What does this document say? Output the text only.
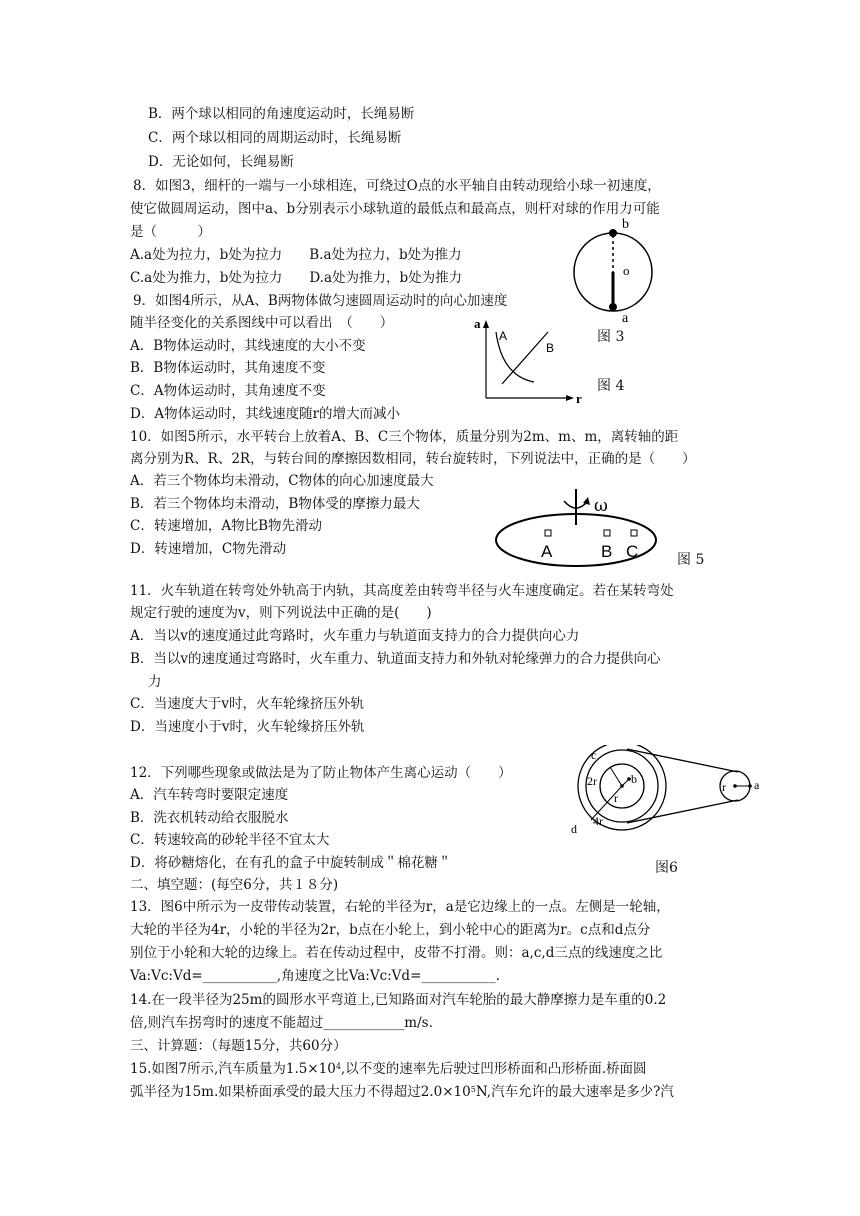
B．两个球以相同的角速度运动时，长绳易断
C．两个球以相同的周期运动时，长绳易断
D．无论如何，长绳易断
8．如图3，细杆的一端与一小球相连，可绕过O点的水平轴自由转动现给小球一初速度，
使它做圆周运动，图中a、b分别表示小球轨道的最低点和最高点，则杆对球的作用力可能
是（　　　）
A.a处为拉力，b处为拉力　　B.a处为拉力，b处为推力
C.a处为推力，b处为拉力　　D.a处为推力，b处为推力
b
o
a
图 3
9．如图4所示，从A、B两物体做匀速圆周运动时的向心加速度
随半径变化的关系图线中可以看出　（　　）
A．B物体运动时，其线速度的大小不变
B．B物体运动时，其角速度不变
C．A物体运动时，其角速度不变
D．A物体运动时，其线速度随r的增大而减小
a
r
A
B
图 4
10．如图5所示，水平转台上放着A、B、C三个物体，质量分别为2m、m、m，离转轴的距
离分别为R、R、2R，与转台间的摩擦因数相同，转台旋转时，下列说法中，正确的是（　　）
A．若三个物体均未滑动，C物体的向心加速度最大
B．若三个物体均未滑动，B物体受的摩擦力最大
C．转速增加，A物比B物先滑动
D．转速增加，C物先滑动
ω
A	B C	图 5
11．火车轨道在转弯处外轨高于内轨，其高度差由转弯半径与火车速度确定。若在某转弯处
规定行驶的速度为v，则下列说法中正确的是(　　)
A．当以v的速度通过此弯路时，火车重力与轨道面支持力的合力提供向心力
B．当以v的速度通过弯路时，火车重力、轨道面支持力和外轨对轮缘弹力的合力提供向心
力
C．当速度大于v时，火车轮缘挤压外轨
D．当速度小于v时，火车轮缘挤压外轨
12．下列哪些现象或做法是为了防止物体产生离心运动（　　）
A．汽车转弯时要限定速度
B．洗衣机转动给衣服脱水
C．转速较高的砂轮半径不宜太大
D．将砂糖熔化，在有孔的盒子中旋转制成＂棉花糖＂
c
2r	b
r
4r
d
r a
图6
二、填空题：(每空6分，共１８分)
13．图6中所示为一皮带传动装置，右轮的半径为r，a是它边缘上的一点。左侧是一轮轴，
大轮的半径为4r，小轮的半径为2r，b点在小轮上，到小轮中心的距离为r。c点和d点分
别位于小轮和大轮的边缘上。若在传动过程中，皮带不打滑。则：a,c,d三点的线速度之比
Va:Vc:Vd=___________,角速度之比Va:Vc:Vd=___________.
14.在一段半径为25m的圆形水平弯道上,已知路面对汽车轮胎的最大静摩擦力是车重的0.2
倍,则汽车拐弯时的速度不能超过____________m/s.
三、计算题：（每题15分，共60分）
15.如图7所示,汽车质量为$1.5\times 10^4$,以不变的速率先后驶过凹形桥面和凸形桥面.桥面圆
弧半径为15m.如果桥面承受的最大压力不得超过$2.0\times 10^5N$,汽车允许的最大速率是多少?汽
